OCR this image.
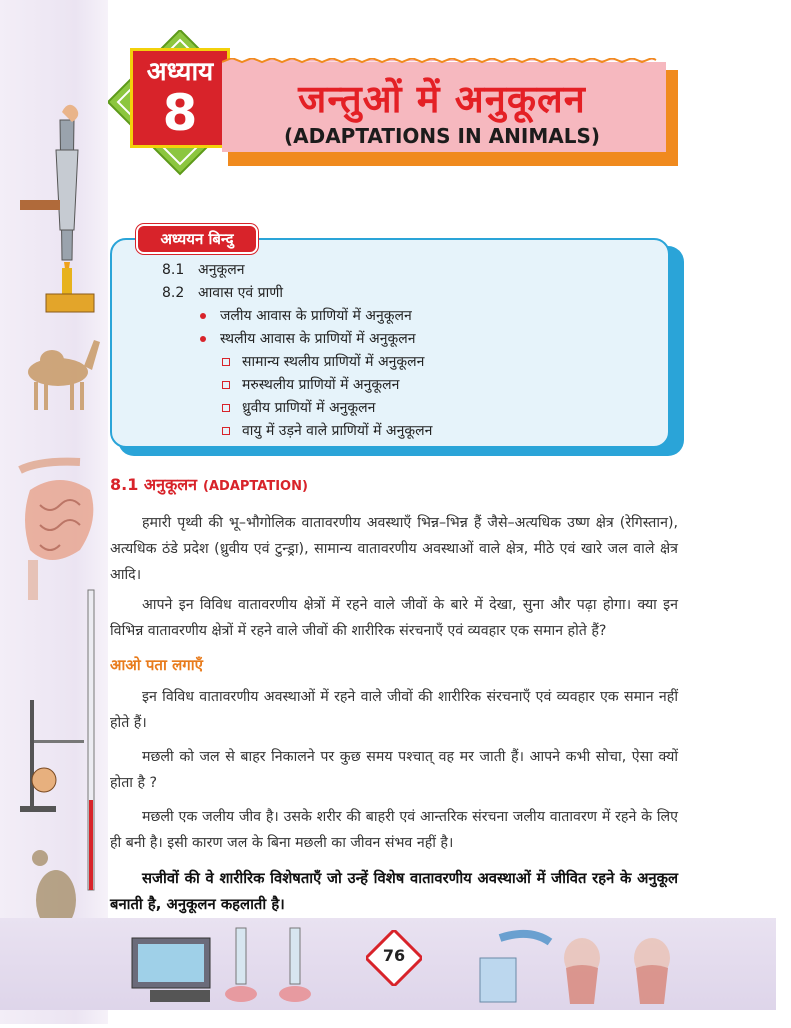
अध्याय
8	जन्तुओं में अनुकूलन
(ADAPTATIONS IN ANIMALS)
अध्ययन बिन्दु
8.1 अनुकूलन
8.2 आवास एवं प्राणी
जलीय आवास के प्राणियों में अनुकूलन
स्थलीय आवास के प्राणियों में अनुकूलन
सामान्य स्थलीय प्राणियों में अनुकूलन
मरुस्थलीय प्राणियों में अनुकूलन
ध्रुवीय प्राणियों में अनुकूलन
वायु में उड़ने वाले प्राणियों में अनुकूलन
8.1 अनुकूलन (ADAPTATION)

हमारी पृथ्वी की भू–भौगोलिक वातावरणीय अवस्थाएँ भिन्न–भिन्न हैं जैसे–अत्यधिक उष्ण क्षेत्र (रेगिस्तान), अत्यधिक ठंडे प्रदेश (ध्रुवीय एवं टुन्ड्रा), सामान्य वातावरणीय अवस्थाओं वाले क्षेत्र, मीठे एवं खारे जल वाले क्षेत्र आदि।

आपने इन विविध वातावरणीय क्षेत्रों में रहने वाले जीवों के बारे में देखा, सुना और पढ़ा होगा। क्या इन विभिन्न वातावरणीय क्षेत्रों में रहने वाले जीवों की शारीरिक संरचनाएँ एवं व्यवहार एक समान होते हैं?

आओ पता लगाएँ

इन विविध वातावरणीय अवस्थाओं में रहने वाले जीवों की शारीरिक संरचनाएँ एवं व्यवहार एक समान नहीं होते हैं।

मछली को जल से बाहर निकालने पर कुछ समय पश्चात् वह मर जाती हैं। आपने कभी सोचा, ऐसा क्यों होता है ?

मछली एक जलीय जीव है। उसके शरीर की बाहरी एवं आन्तरिक संरचना जलीय वातावरण में रहने के लिए ही बनी है। इसी कारण जल के बिना मछली का जीवन संभव नहीं है।

सजीवों की वे शारीरिक विशेषताएँ जो उन्हें विशेष वातावरणीय अवस्थाओं में जीवित रहने के अनुकूल बनाती है, अनुकूलन कहलाती है।

76
